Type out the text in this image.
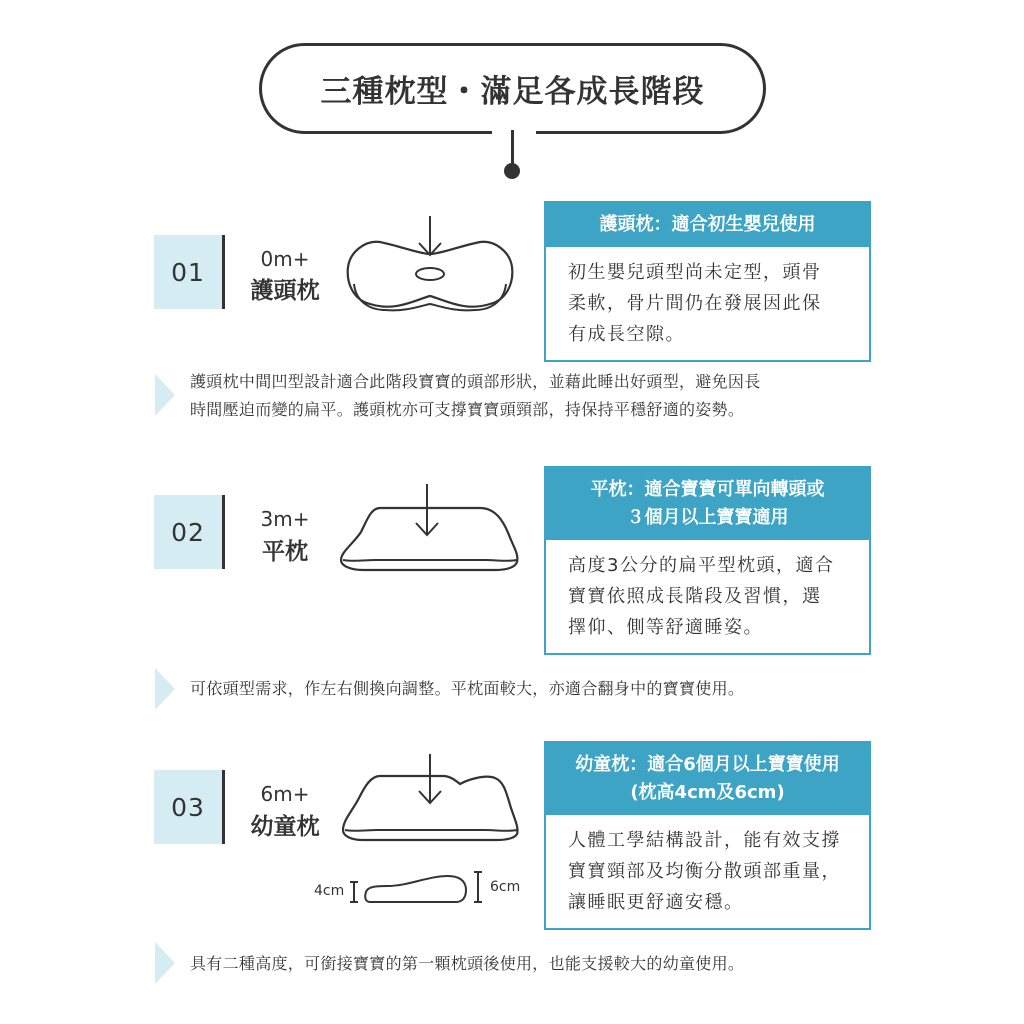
三種枕型・滿足各成長階段
01	0m+
護頭枕
護頭枕：適合初生嬰兒使用
初生嬰兒頭型尚未定型，頭骨
柔軟，骨片間仍在發展因此保
有成長空隙。
護頭枕中間凹型設計適合此階段寶寶的頭部形狀，並藉此睡出好頭型，避免因長
時間壓迫而變的扁平。護頭枕亦可支撐寶寶頭頸部，持保持平穩舒適的姿勢。
02	3m+
平枕
平枕：適合寶寶可單向轉頭或
３個月以上寶寶適用
高度3公分的扁平型枕頭，適合
寶寶依照成長階段及習慣，選
擇仰、側等舒適睡姿。
可依頭型需求，作左右側換向調整。平枕面較大，亦適合翻身中的寶寶使用。
03	6m+
幼童枕
4cm	6cm
幼童枕：適合6個月以上寶寶使用
(枕高4cm及6cm)
人體工學結構設計，能有效支撐
寶寶頸部及均衡分散頭部重量，
讓睡眠更舒適安穩。
具有二種高度，可銜接寶寶的第一顆枕頭後使用，也能支援較大的幼童使用。
